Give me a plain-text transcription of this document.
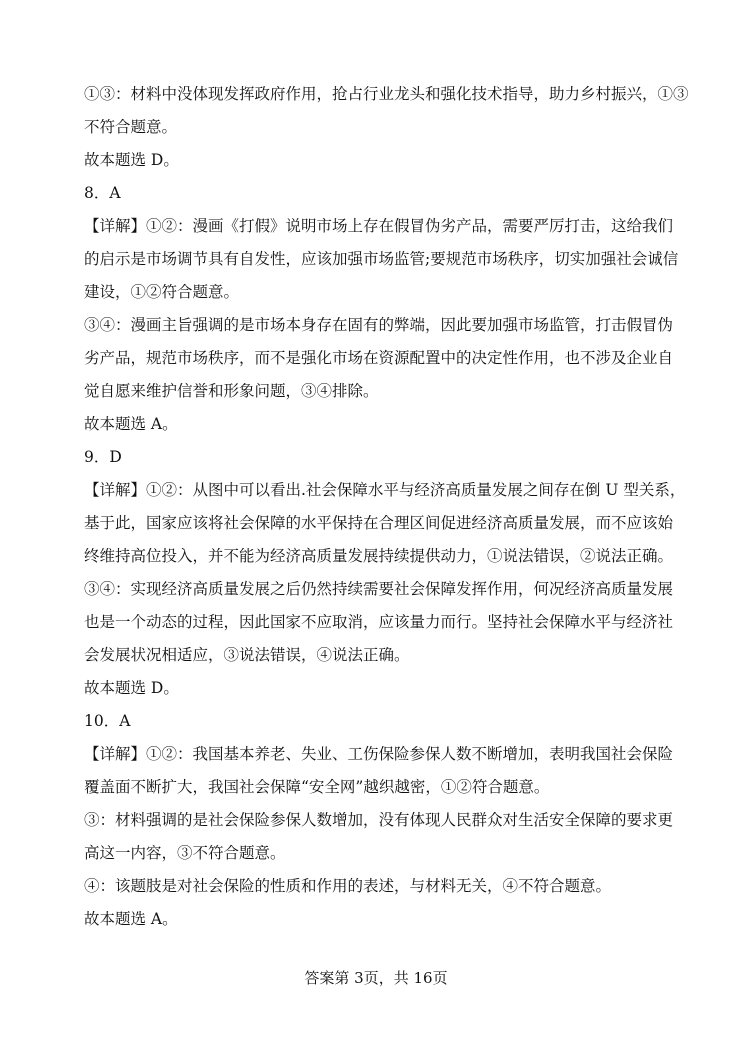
①③：材料中没体现发挥政府作用，抢占行业龙头和强化技术指导，助力乡村振兴，①③
不符合题意。
故本题选 D。
8．A
【详解】①②：漫画《打假》说明市场上存在假冒伪劣产品，需要严厉打击，这给我们
的启示是市场调节具有自发性，应该加强市场监管;要规范市场秩序，切实加强社会诚信
建设，①②符合题意。
③④：漫画主旨强调的是市场本身存在固有的弊端，因此要加强市场监管，打击假冒伪
劣产品，规范市场秩序，而不是强化市场在资源配置中的决定性作用，也不涉及企业自
觉自愿来维护信誉和形象问题，③④排除。
故本题选 A。
9．D
【详解】①②：从图中可以看出.社会保障水平与经济高质量发展之间存在倒 U 型关系，
基于此，国家应该将社会保障的水平保持在合理区间促进经济高质量发展，而不应该始
终维持高位投入，并不能为经济高质量发展持续提供动力，①说法错误，②说法正确。
③④：实现经济高质量发展之后仍然持续需要社会保障发挥作用，何况经济高质量发展
也是一个动态的过程，因此国家不应取消，应该量力而行。坚持社会保障水平与经济社
会发展状况相适应，③说法错误，④说法正确。
故本题选 D。
10．A
【详解】①②：我国基本养老、失业、工伤保险参保人数不断增加，表明我国社会保险
覆盖面不断扩大，我国社会保障“安全网”越织越密，①②符合题意。
③：材料强调的是社会保险参保人数增加，没有体现人民群众对生活安全保障的要求更
高这一内容，③不符合题意。
④：该题肢是对社会保险的性质和作用的表述，与材料无关，④不符合题意。
故本题选 A。
答案第 3页，共 16页
